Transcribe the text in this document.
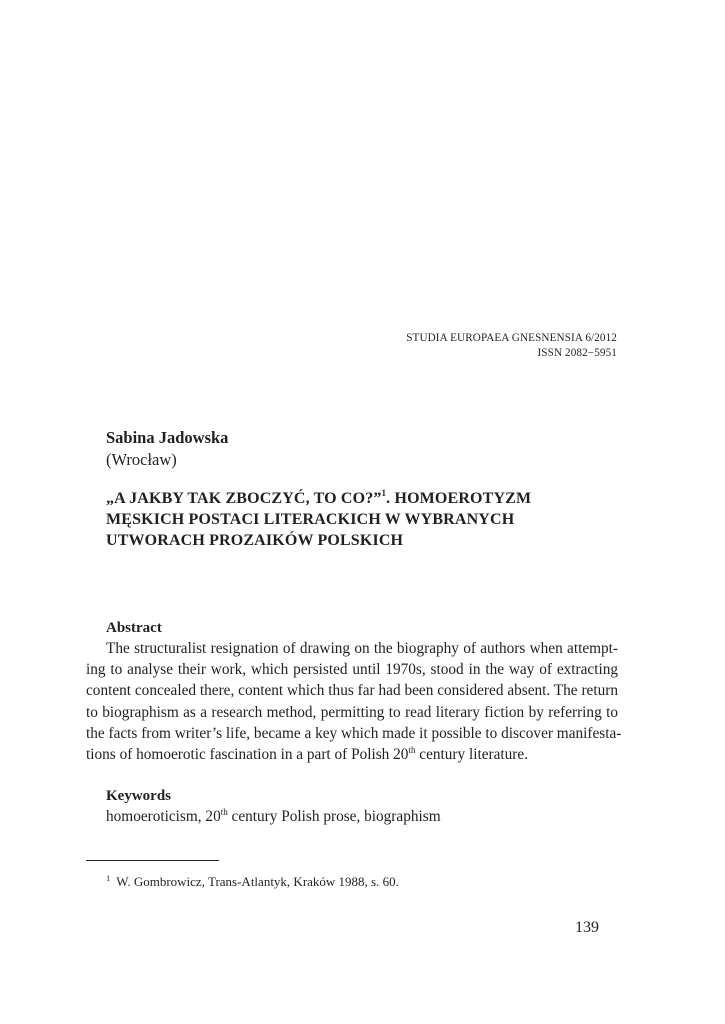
STUDIA EUROPAEA GNESNENSIA 6/2012
ISSN 2082−5951
Sabina Jadowska
(Wrocław)
„A JAKBY TAK ZBOCZYĆ, TO CO?”$^1$. HOMOEROTYZM
MĘSKICH POSTACI LITERACKICH W WYBRANYCH
UTWORACH PROZAIKÓW POLSKICH
Abstract
The structuralist resignation of drawing on the biography of authors when attempt-
ing to analyse their work, which persisted until 1970s, stood in the way of extracting
content concealed there, content which thus far had been considered absent. The return
to biographism as a research method, permitting to read literary fiction by referring to
the facts from writer’s life, became a key which made it possible to discover manifesta-
tions of homoerotic fascination in a part of Polish 20th century literature.
Keywords
homoeroticism, 20th century Polish prose, biographism
$^1$ W. Gombrowicz, Trans-Atlantyk, Kraków 1988, s. 60.
139
